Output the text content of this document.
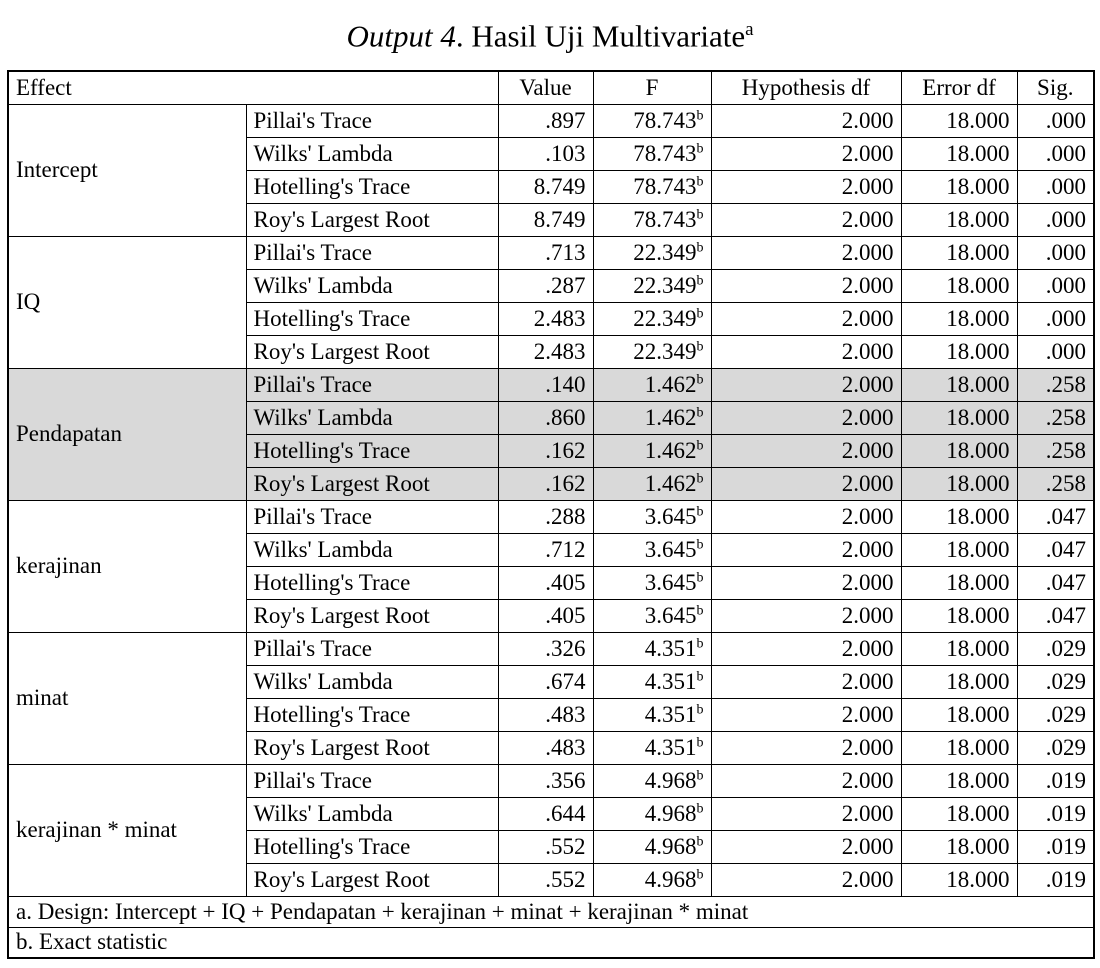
Output 4. Hasil Uji Multivariate$^a$
Effect		Value	F	Hypothesis df	Error df	Sig.
Intercept	Pillai's Trace	.897	78.743$^b$	2.000	18.000	.000
	Wilks' Lambda	.103	78.743$^b$	2.000	18.000	.000
	Hotelling's Trace	8.749	78.743$^b$	2.000	18.000	.000
	Roy's Largest Root	8.749	78.743$^b$	2.000	18.000	.000
IQ	Pillai's Trace	.713	22.349$^b$	2.000	18.000	.000
	Wilks' Lambda	.287	22.349$^b$	2.000	18.000	.000
	Hotelling's Trace	2.483	22.349$^b$	2.000	18.000	.000
	Roy's Largest Root	2.483	22.349$^b$	2.000	18.000	.000
Pendapatan	Pillai's Trace	.140	1.462$^b$	2.000	18.000	.258
	Wilks' Lambda	.860	1.462$^b$	2.000	18.000	.258
	Hotelling's Trace	.162	1.462$^b$	2.000	18.000	.258
	Roy's Largest Root	.162	1.462$^b$	2.000	18.000	.258
kerajinan	Pillai's Trace	.288	3.645$^b$	2.000	18.000	.047
	Wilks' Lambda	.712	3.645$^b$	2.000	18.000	.047
	Hotelling's Trace	.405	3.645$^b$	2.000	18.000	.047
	Roy's Largest Root	.405	3.645$^b$	2.000	18.000	.047
minat	Pillai's Trace	.326	4.351$^b$	2.000	18.000	.029
	Wilks' Lambda	.674	4.351$^b$	2.000	18.000	.029
	Hotelling's Trace	.483	4.351$^b$	2.000	18.000	.029
	Roy's Largest Root	.483	4.351$^b$	2.000	18.000	.029
kerajinan * minat	Pillai's Trace	.356	4.968$^b$	2.000	18.000	.019
	Wilks' Lambda	.644	4.968$^b$	2.000	18.000	.019
	Hotelling's Trace	.552	4.968$^b$	2.000	18.000	.019
	Roy's Largest Root	.552	4.968$^b$	2.000	18.000	.019
a. Design: Intercept + IQ + Pendapatan + kerajinan + minat + kerajinan * minat						
b. Exact statistic						
